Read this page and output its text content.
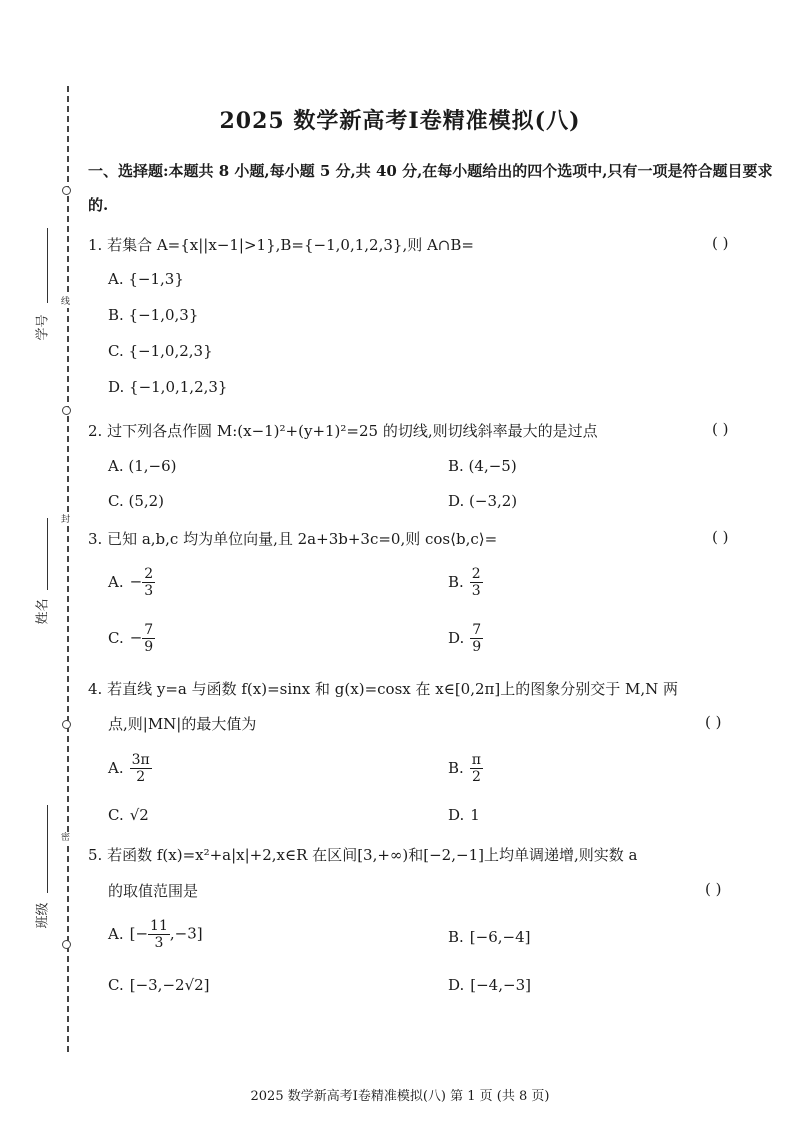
线
封
密
学号
姓名
班级
2025 数学新高考Ⅰ卷精准模拟(八)
一、选择题:本题共 8 小题,每小题 5 分,共 40 分,在每小题给出的四个选项中,只有一项是符合题目要求的.
1. 若集合 A={x||x−1|>1},B={−1,0,1,2,3},则 A∩B=	( )
A. {−1,3}
B. {−1,0,3}
C. {−1,0,2,3}
D. {−1,0,1,2,3}
2. 过下列各点作圆 M:(x−1)²+(y+1)²=25 的切线,则切线斜率最大的是过点	( )
A. (1,−6)	B. (4,−5)
C. (5,2)	D. (−3,2)
3. 已知 a,b,c 均为单位向量,且 2a+3b+3c=0,则 cos⟨b,c⟩=	( )
A. − $\frac{2}{3}$	B. $\frac{2}{3}$
C. − $\frac{7}{9}$	D. $\frac{7}{9}$
4. 若直线 y=a 与函数 f(x)=sinx 和 g(x)=cosx 在 x∈[0,2π]上的图象分别交于 M,N 两
点,则|MN|的最大值为	( )
A. $\frac{3\pi}{2}$	B. $\frac{\pi}{2}$
C. √2	D. 1
5. 若函数 f(x)=x²+a|x|+2,x∈R 在区间[3,+∞)和[−2,−1]上均单调递增,则实数 a
的取值范围是	( )
A. [− $\frac{11}{3} ,-3$]	B. [−6,−4]
C. [−3,−2√2]	D. [−4,−3]
2025 数学新高考Ⅰ卷精准模拟(八) 第 1 页 (共 8 页)
